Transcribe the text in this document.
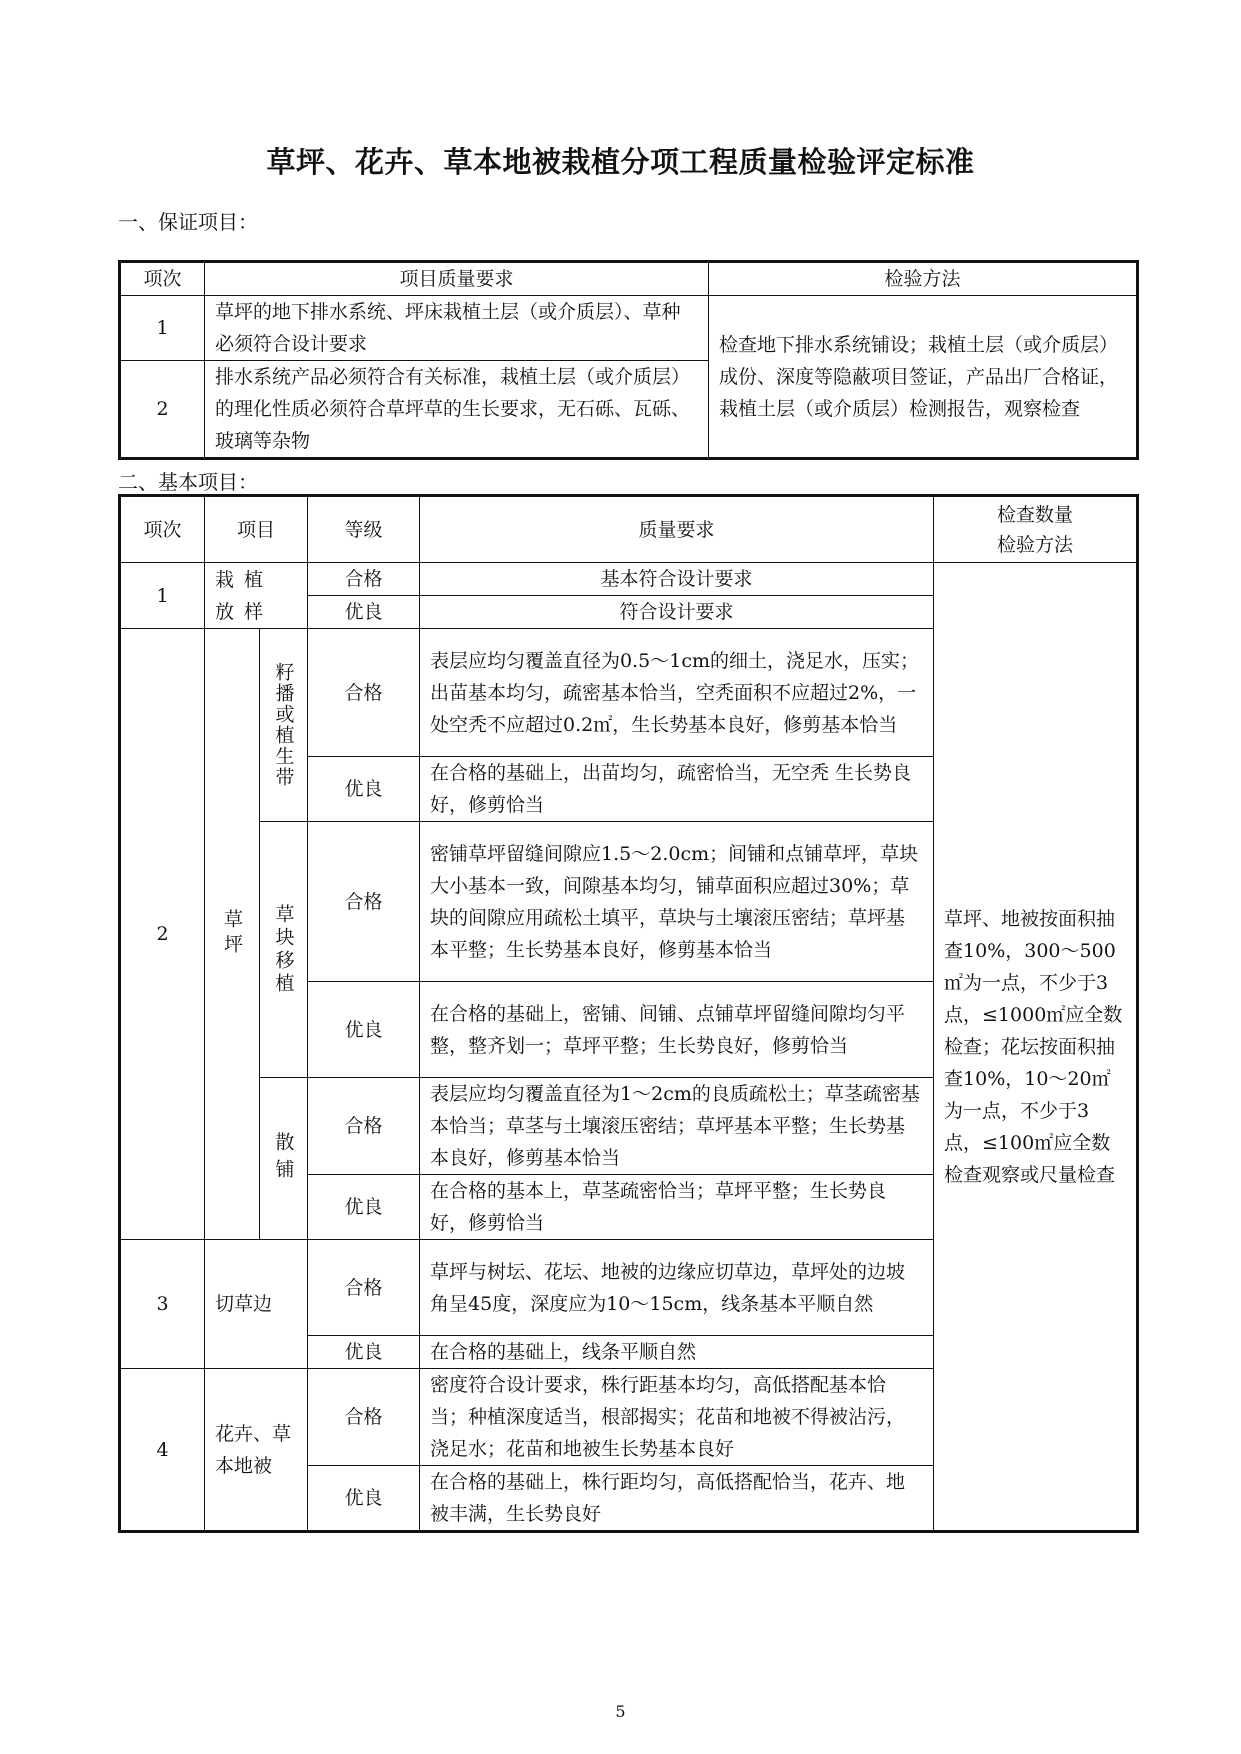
草坪、花卉、草本地被栽植分项工程质量检验评定标准
一、保证项目：
项次	项目质量要求	检验方法
1	草坪的地下排水系统、坪床栽植土层（或介质层）、草种必须符合设计要求	检查地下排水系统铺设；栽植土层（或介质层）成份、深度等隐蔽项目签证，产品出厂合格证，栽植土层（或介质层）检测报告，观察检查
2	排水系统产品必须符合有关标准，栽植土层（或介质层）的理化性质必须符合草坪草的生长要求，无石砾、瓦砾、玻璃等杂物	
二、基本项目：
项次	项目		等级	质量要求	检查数量
检验方法

1	栽植放样		合格	基本符合设计要求	草坪、地被按面积抽查10%，300～500㎡为一点，不少于3点，≤1000㎡应全数检查；花坛按面积抽查10%，10～20㎡为一点，不少于3点，≤100㎡应全数检查观察或尺量检查
			优良	符合设计要求	
2	草坪	籽播或植生带	合格	表层应均匀覆盖直径为0.5～1cm的细土，浇足水，压实；出苗基本均匀，疏密基本恰当，空秃面积不应超过2%，一处空秃不应超过0.2㎡，生长势基本良好，修剪基本恰当	
			优良	在合格的基础上，出苗均匀，疏密恰当，无空秃 生长势良好，修剪恰当	
		草块移植	合格	密铺草坪留缝间隙应1.5～2.0cm；间铺和点铺草坪，草块大小基本一致，间隙基本均匀，铺草面积应超过30%；草块的间隙应用疏松土填平，草块与土壤滚压密结；草坪基本平整；生长势基本良好，修剪基本恰当	
			优良	在合格的基础上，密铺、间铺、点铺草坪留缝间隙均匀平整，整齐划一；草坪平整；生长势良好，修剪恰当	
		散铺	合格	表层应均匀覆盖直径为1～2cm的良质疏松土；草茎疏密基本恰当；草茎与土壤滚压密结；草坪基本平整；生长势基本良好，修剪基本恰当	
			优良	在合格的基本上，草茎疏密恰当；草坪平整；生长势良好，修剪恰当	
3	切草边		合格	草坪与树坛、花坛、地被的边缘应切草边，草坪处的边坡角呈45度，深度应为10～15cm，线条基本平顺自然	
			优良	在合格的基础上，线条平顺自然	
4	花卉、草本地被		合格	密度符合设计要求，株行距基本均匀，高低搭配基本恰当；种植深度适当，根部揭实；花苗和地被不得被沾污，浇足水；花苗和地被生长势基本良好	
			优良	在合格的基础上，株行距均匀，高低搭配恰当，花卉、地被丰满，生长势良好	
5
